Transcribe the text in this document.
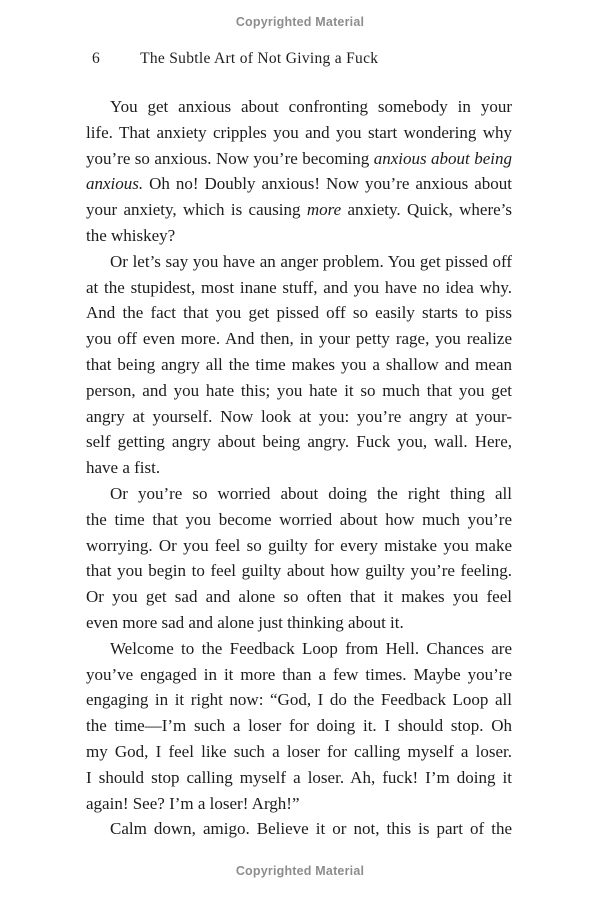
Copyrighted Material
6	The Subtle Art of Not Giving a Fuck
You get anxious about confronting somebody in your
life. That anxiety cripples you and you start wondering why
you’re so anxious. Now you’re becoming anxious about being
anxious. Oh no! Doubly anxious! Now you’re anxious about
your anxiety, which is causing more anxiety. Quick, where’s
the whiskey?
Or let’s say you have an anger problem. You get pissed off
at the stupidest, most inane stuff, and you have no idea why.
And the fact that you get pissed off so easily starts to piss
you off even more. And then, in your petty rage, you realize
that being angry all the time makes you a shallow and mean
person, and you hate this; you hate it so much that you get
angry at yourself. Now look at you: you’re angry at your-
self getting angry about being angry. Fuck you, wall. Here,
have a fist.
Or you’re so worried about doing the right thing all
the time that you become worried about how much you’re
worrying. Or you feel so guilty for every mistake you make
that you begin to feel guilty about how guilty you’re feeling.
Or you get sad and alone so often that it makes you feel
even more sad and alone just thinking about it.
Welcome to the Feedback Loop from Hell. Chances are
you’ve engaged in it more than a few times. Maybe you’re
engaging in it right now: “God, I do the Feedback Loop all
the time—I’m such a loser for doing it. I should stop. Oh
my God, I feel like such a loser for calling myself a loser.
I should stop calling myself a loser. Ah, fuck! I’m doing it
again! See? I’m a loser! Argh!”
Calm down, amigo. Believe it or not, this is part of the
Copyrighted Material
